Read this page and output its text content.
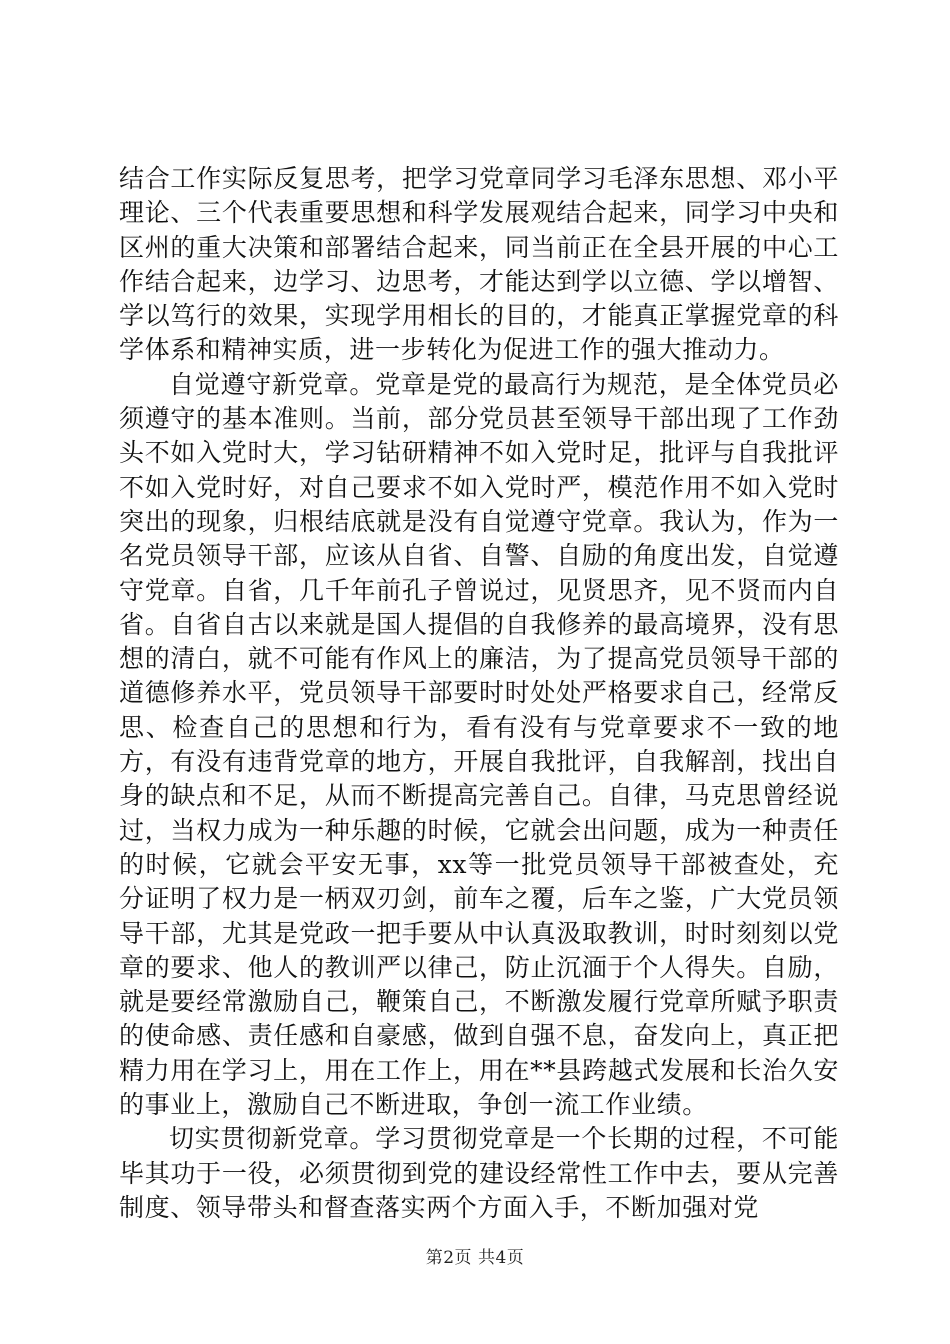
结合工作实际反复思考，把学习党章同学习毛泽东思想、邓小平理论、三个代表重要思想和科学发展观结合起来，同学习中央和区州的重大决策和部署结合起来，同当前正在全县开展的中心工作结合起来，边学习、边思考，才能达到学以立德、学以增智、学以笃行的效果，实现学用相长的目的，才能真正掌握党章的科学体系和精神实质，进一步转化为促进工作的强大推动力。

自觉遵守新党章。党章是党的最高行为规范，是全体党员必须遵守的基本准则。当前，部分党员甚至领导干部出现了工作劲头不如入党时大，学习钻研精神不如入党时足，批评与自我批评不如入党时好，对自己要求不如入党时严，模范作用不如入党时突出的现象，归根结底就是没有自觉遵守党章。我认为，作为一名党员领导干部，应该从自省、自警、自励的角度出发，自觉遵守党章。自省，几千年前孔子曾说过，见贤思齐，见不贤而内自省。自省自古以来就是国人提倡的自我修养的最高境界，没有思想的清白，就不可能有作风上的廉洁，为了提高党员领导干部的道德修养水平，党员领导干部要时时处处严格要求自己，经常反思、检查自己的思想和行为，看有没有与党章要求不一致的地方，有没有违背党章的地方，开展自我批评，自我解剖，找出自身的缺点和不足，从而不断提高完善自己。自律，马克思曾经说过，当权力成为一种乐趣的时候，它就会出问题，成为一种责任的时候，它就会平安无事，xx等一批党员领导干部被查处，充分证明了权力是一柄双刃剑，前车之覆，后车之鉴，广大党员领导干部，尤其是党政一把手要从中认真汲取教训，时时刻刻以党章的要求、他人的教训严以律己，防止沉湎于个人得失。自励，就是要经常激励自己，鞭策自己，不断激发履行党章所赋予职责的使命感、责任感和自豪感，做到自强不息，奋发向上，真正把精力用在学习上，用在工作上，用在**县跨越式发展和长治久安的事业上，激励自己不断进取，争创一流工作业绩。

切实贯彻新党章。学习贯彻党章是一个长期的过程，不可能毕其功于一役，必须贯彻到党的建设经常性工作中去，要从完善制度、领导带头和督查落实两个方面入手，不断加强对党

第2页 共4页
